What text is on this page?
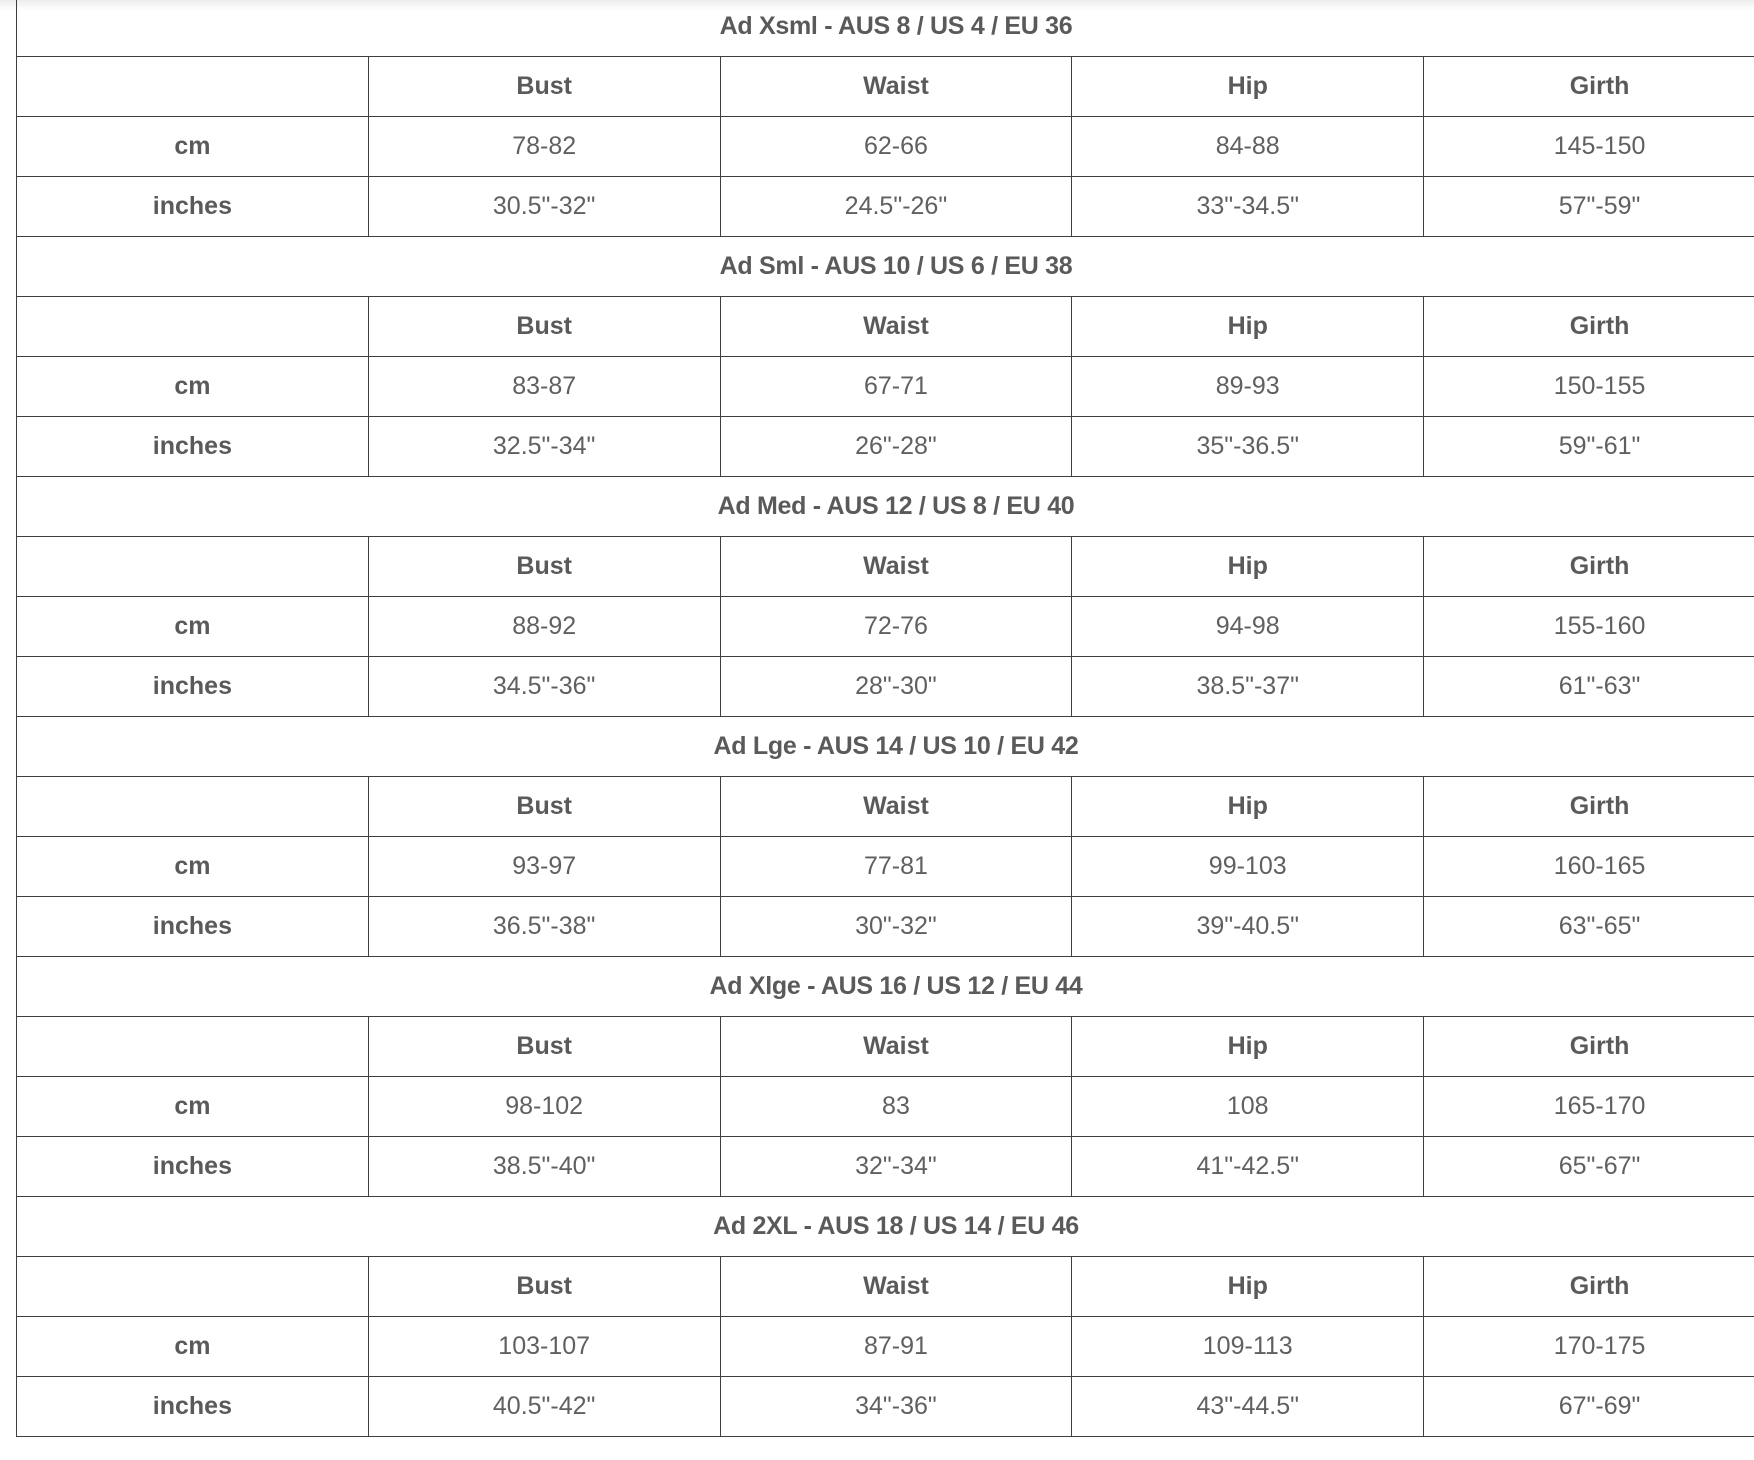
Ad Xsml - AUS 8 / US 4 / EU 36				
	Bust	Waist	Hip	Girth
cm	78-82	62-66	84-88	145-150
inches	30.5"-32"	24.5"-26"	33"-34.5"	57"-59"
Ad Sml - AUS 10 / US 6 / EU 38				
	Bust	Waist	Hip	Girth
cm	83-87	67-71	89-93	150-155
inches	32.5"-34"	26"-28"	35"-36.5"	59"-61"
Ad Med - AUS 12 / US 8 / EU 40				
	Bust	Waist	Hip	Girth
cm	88-92	72-76	94-98	155-160
inches	34.5"-36"	28"-30"	38.5"-37"	61"-63"
Ad Lge - AUS 14 / US 10 / EU 42				
	Bust	Waist	Hip	Girth
cm	93-97	77-81	99-103	160-165
inches	36.5"-38"	30"-32"	39"-40.5"	63"-65"
Ad Xlge - AUS 16 / US 12 / EU 44				
	Bust	Waist	Hip	Girth
cm	98-102	83	108	165-170
inches	38.5"-40"	32"-34"	41"-42.5"	65"-67"
Ad 2XL - AUS 18 / US 14 / EU 46				
	Bust	Waist	Hip	Girth
cm	103-107	87-91	109-113	170-175
inches	40.5"-42"	34"-36"	43"-44.5"	67"-69"
